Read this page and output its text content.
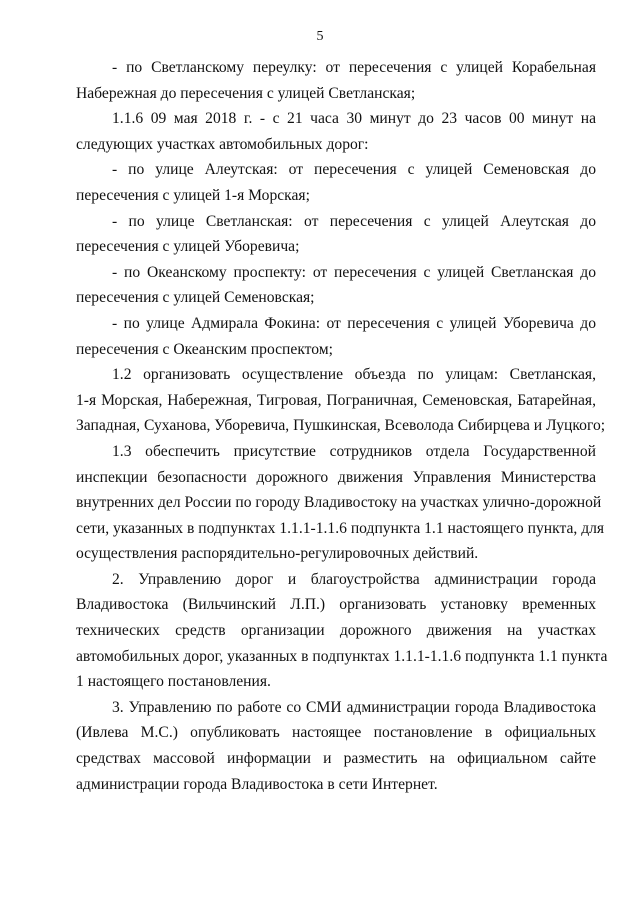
5
- по Светланскому переулку: от пересечения с улицей Корабельная
Набережная до пересечения с улицей Светланская;
1.1.6 09 мая 2018 г. - с 21 часа 30 минут до 23 часов 00 минут на
следующих участках автомобильных дорог:
- по улице Алеутская: от пересечения с улицей Семеновская до
пересечения с улицей 1-я Морская;
- по улице Светланская: от пересечения с улицей Алеутская до
пересечения с улицей Уборевича;
- по Океанскому проспекту: от пересечения с улицей Светланская до
пересечения с улицей Семеновская;
- по улице Адмирала Фокина: от пересечения с улицей Уборевича до
пересечения с Океанским проспектом;
1.2 организовать осуществление объезда по улицам: Светланская,
1-я Морская, Набережная, Тигровая, Пограничная, Семеновская, Батарейная,
Западная, Суханова, Уборевича, Пушкинская, Всеволода Сибирцева и Луцкого;
1.3 обеспечить присутствие сотрудников отдела Государственной
инспекции безопасности дорожного движения Управления Министерства
внутренних дел России по городу Владивостоку на участках улично-дорожной
сети, указанных в подпунктах 1.1.1-1.1.6 подпункта 1.1 настоящего пункта, для
осуществления распорядительно-регулировочных действий.
2. Управлению дорог и благоустройства администрации города
Владивостока (Вильчинский Л.П.) организовать установку временных
технических средств организации дорожного движения на участках
автомобильных дорог, указанных в подпунктах 1.1.1-1.1.6 подпункта 1.1 пункта
1 настоящего постановления.
3. Управлению по работе со СМИ администрации города Владивостока
(Ивлева М.С.) опубликовать настоящее постановление в официальных
средствах массовой информации и разместить на официальном сайте
администрации города Владивостока в сети Интернет.
